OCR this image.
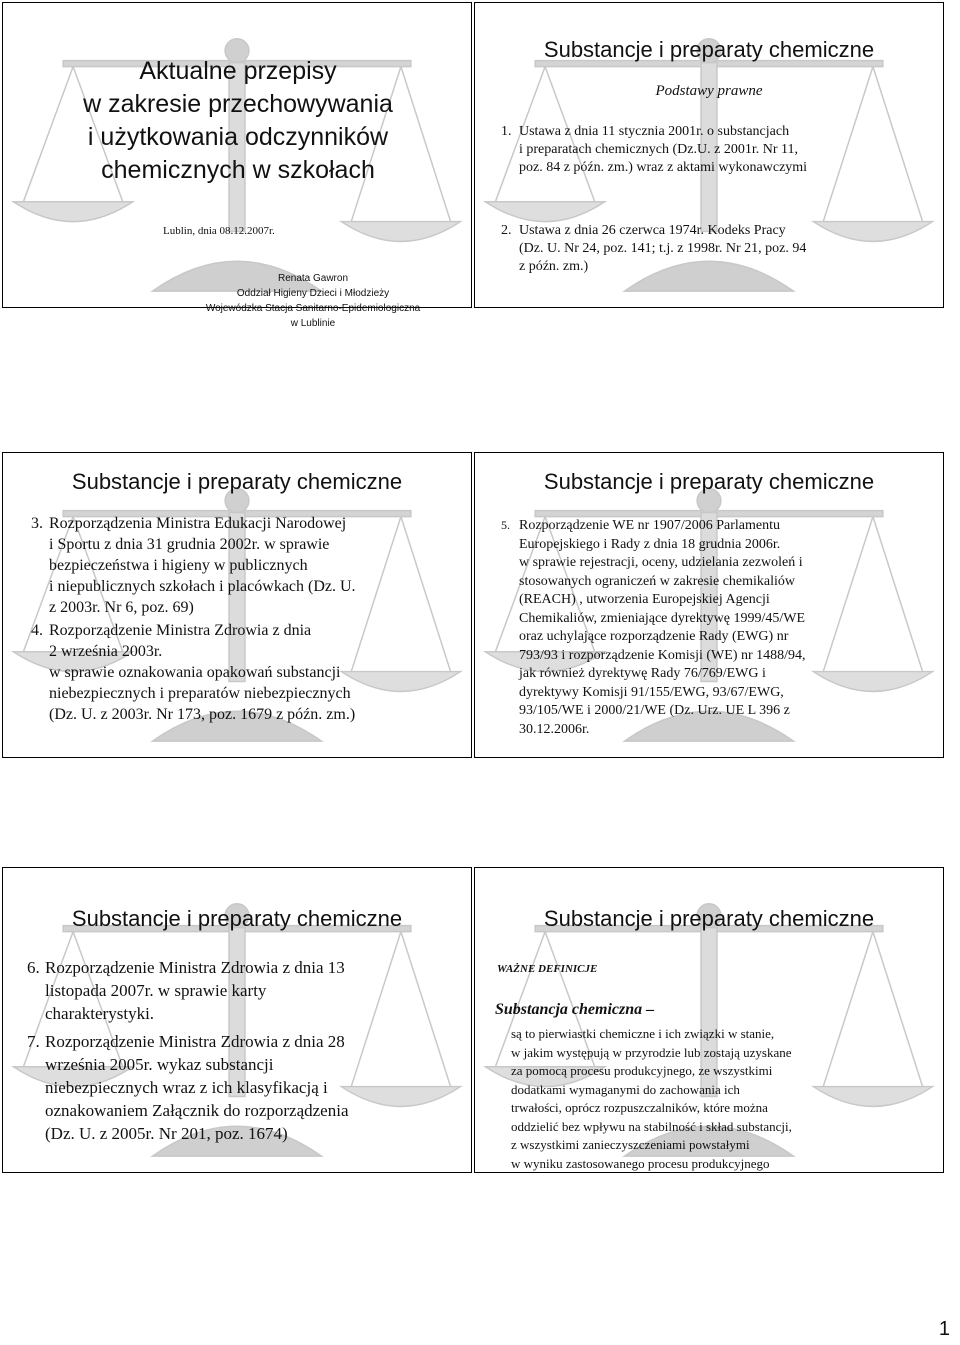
Aktualne przepisy
w zakresie przechowywania
i użytkowania odczynników
chemicznych w szkołach
Lublin, dnia 08.12.2007r.
Renata Gawron
Oddział Higieny Dzieci i Młodzieży
Wojewódzka Stacja Sanitarno-Epidemiologiczna
w Lublinie
Substancje i preparaty chemiczne
Podstawy prawne
1. Ustawa z dnia 11 stycznia 2001r. o substancjach
i preparatach chemicznych (Dz.U. z 2001r. Nr 11,
poz. 84 z późn. zm.) wraz z aktami wykonawczymi
2. Ustawa z dnia 26 czerwca 1974r. Kodeks Pracy
(Dz. U. Nr 24, poz. 141; t.j. z 1998r. Nr 21, poz. 94
z późn. zm.)
Substancje i preparaty chemiczne
3. Rozporządzenia Ministra Edukacji Narodowej
i Sportu z dnia 31 grudnia 2002r. w sprawie
bezpieczeństwa i higieny w publicznych
i niepublicznych szkołach i placówkach (Dz. U.
z 2003r. Nr 6, poz. 69)
4. Rozporządzenie Ministra Zdrowia z dnia
2 września 2003r.
w sprawie oznakowania opakowań substancji
niebezpiecznych i preparatów niebezpiecznych
(Dz. U. z 2003r. Nr 173, poz. 1679 z późn. zm.)
Substancje i preparaty chemiczne
5. Rozporządzenie WE nr 1907/2006 Parlamentu
Europejskiego i Rady z dnia 18 grudnia 2006r.
w sprawie rejestracji, oceny, udzielania zezwoleń i
stosowanych ograniczeń w zakresie chemikaliów
(REACH) , utworzenia Europejskiej Agencji
Chemikaliów, zmieniające dyrektywę 1999/45/WE
oraz uchylające rozporządzenie Rady (EWG) nr
793/93 i rozporządzenie Komisji (WE) nr 1488/94,
jak również dyrektywę Rady 76/769/EWG i
dyrektywy Komisji 91/155/EWG, 93/67/EWG,
93/105/WE i 2000/21/WE (Dz. Urz. UE L 396 z
30.12.2006r.
Substancje i preparaty chemiczne
6. Rozporządzenie Ministra Zdrowia z dnia 13
listopada 2007r. w sprawie karty
charakterystyki.
7. Rozporządzenie Ministra Zdrowia z dnia 28
września 2005r. wykaz substancji
niebezpiecznych wraz z ich klasyfikacją i
oznakowaniem Załącznik do rozporządzenia
(Dz. U. z 2005r. Nr 201, poz. 1674)
Substancje i preparaty chemiczne
WAŻNE DEFINICJE
Substancja chemiczna –
są to pierwiastki chemiczne i ich związki w stanie,
w jakim występują w przyrodzie lub zostają uzyskane
za pomocą procesu produkcyjnego, ze wszystkimi
dodatkami wymaganymi do zachowania ich
trwałości, oprócz rozpuszczalników, które można
oddzielić bez wpływu na stabilność i skład substancji,
z wszystkimi zanieczyszczeniami powstałymi
w wyniku zastosowanego procesu produkcyjnego
1
